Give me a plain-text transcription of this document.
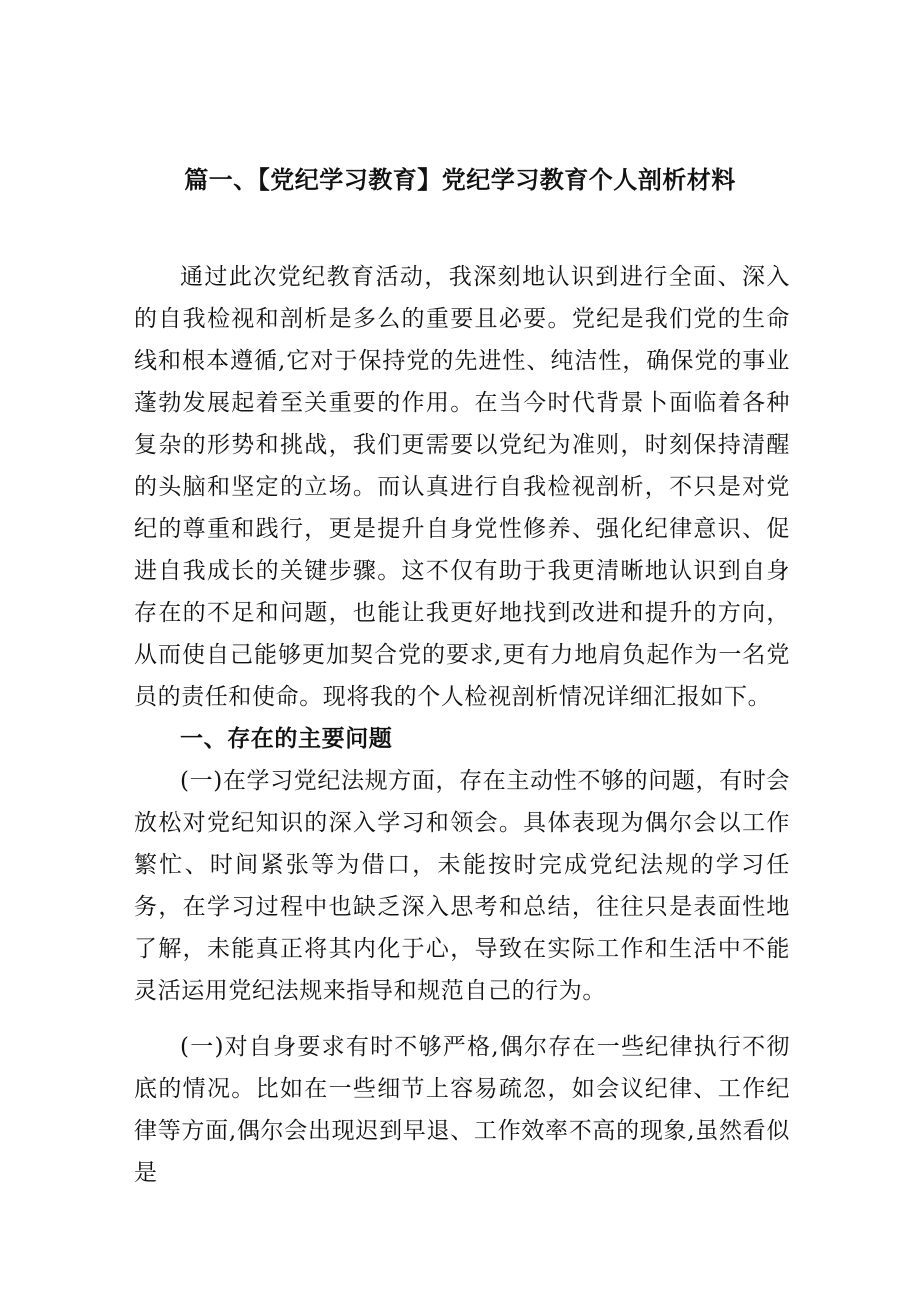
篇一、【党纪学习教育】党纪学习教育个人剖析材料

通过此次党纪教育活动，我深刻地认识到进行全面、深入的自我检视和剖析是多么的重要且必要。党纪是我们党的生命线和根本遵循,它对于保持党的先进性、纯洁性，确保党的事业蓬勃发展起着至关重要的作用。在当今时代背景卜面临着各种复杂的形势和挑战，我们更需要以党纪为准则，时刻保持清醒的头脑和坚定的立场。而认真进行自我检视剖析，不只是对党纪的尊重和践行，更是提升自身党性修养、强化纪律意识、促进自我成长的关键步骤。这不仅有助于我更清晰地认识到自身存在的不足和问题，也能让我更好地找到改进和提升的方向，从而使自己能够更加契合党的要求,更有力地肩负起作为一名党员的责任和使命。现将我的个人检视剖析情况详细汇报如下。

一、存在的主要问题

(一)在学习党纪法规方面，存在主动性不够的问题，有时会放松对党纪知识的深入学习和领会。具体表现为偶尔会以工作繁忙、时间紧张等为借口，未能按时完成党纪法规的学习任务，在学习过程中也缺乏深入思考和总结，往往只是表面性地了解，未能真正将其内化于心，导致在实际工作和生活中不能灵活运用党纪法规来指导和规范自己的行为。

(一)对自身要求有时不够严格,偶尔存在一些纪律执行不彻底的情况。比如在一些细节上容易疏忽，如会议纪律、工作纪律等方面,偶尔会出现迟到早退、工作效率不高的现象,虽然看似是
